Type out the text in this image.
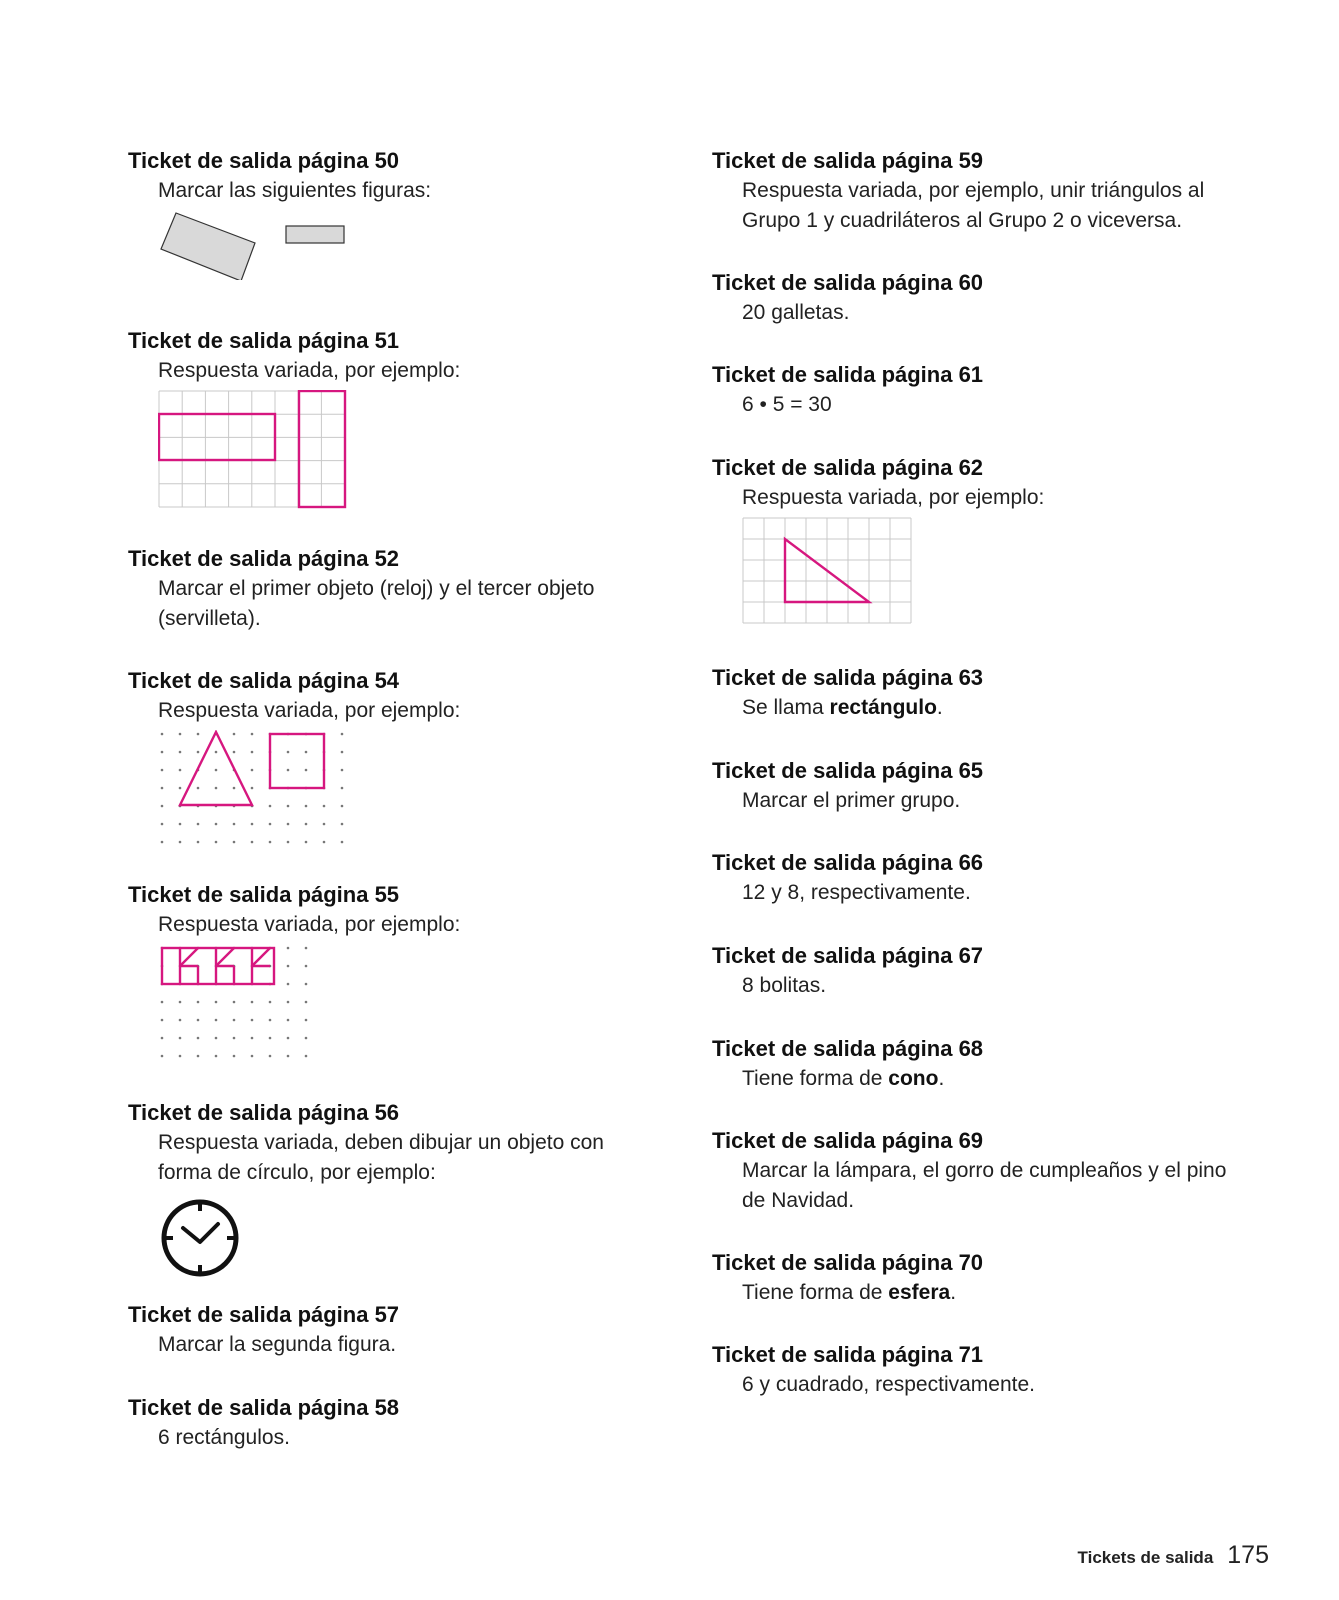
Ticket de salida página 50

Marcar las siguientes figuras:

Ticket de salida página 51

Respuesta variada, por ejemplo:

Ticket de salida página 52

Marcar el primer objeto (reloj) y el tercer objeto

(servilleta).

Ticket de salida página 54

Respuesta variada, por ejemplo:

Ticket de salida página 55

Respuesta variada, por ejemplo:

Ticket de salida página 56

Respuesta variada, deben dibujar un objeto con

forma de círculo, por ejemplo:

Ticket de salida página 57

Marcar la segunda figura.

Ticket de salida página 58

6 rectángulos.

Ticket de salida página 59

Respuesta variada, por ejemplo, unir triángulos al

Grupo 1 y cuadriláteros al Grupo 2 o viceversa.

Ticket de salida página 60

20 galletas.

Ticket de salida página 61

6 • 5 = 30

Ticket de salida página 62

Respuesta variada, por ejemplo:

Ticket de salida página 63

Se llama rectángulo.

Ticket de salida página 65

Marcar el primer grupo.

Ticket de salida página 66

12 y 8, respectivamente.

Ticket de salida página 67

8 bolitas.

Ticket de salida página 68

Tiene forma de cono.

Ticket de salida página 69

Marcar la lámpara, el gorro de cumpleaños y el pino

de Navidad.

Ticket de salida página 70

Tiene forma de esfera.

Ticket de salida página 71

6 y cuadrado, respectivamente.

Tickets de salida 175
